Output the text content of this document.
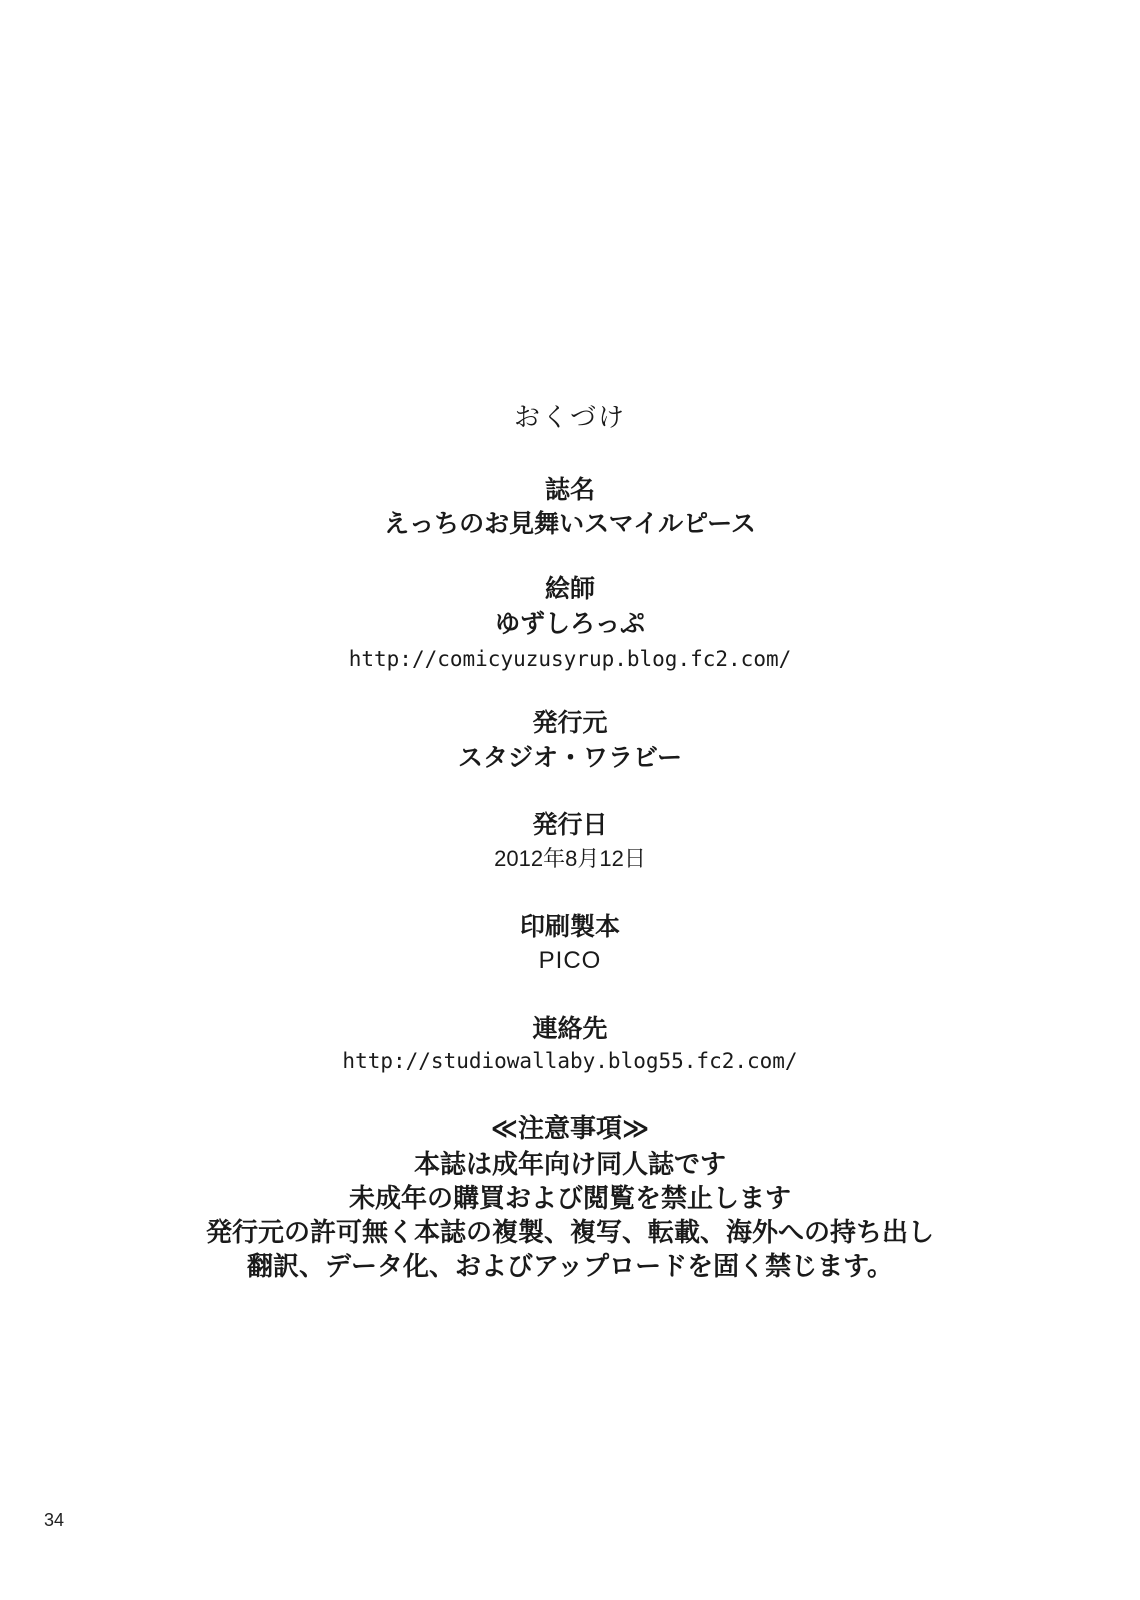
おくづけ
誌名
えっちのお見舞いスマイルピース
絵師
ゆずしろっぷ
http://comicyuzusyrup.blog.fc2.com/
発行元
スタジオ・ワラビー
発行日
2012年8月12日
印刷製本
PICO
連絡先
http://studiowallaby.blog55.fc2.com/
≪注意事項≫
本誌は成年向け同人誌です
未成年の購買および閲覧を禁止します
発行元の許可無く本誌の複製、複写、転載、海外への持ち出し
翻訳、データ化、およびアップロードを固く禁じます。
34
